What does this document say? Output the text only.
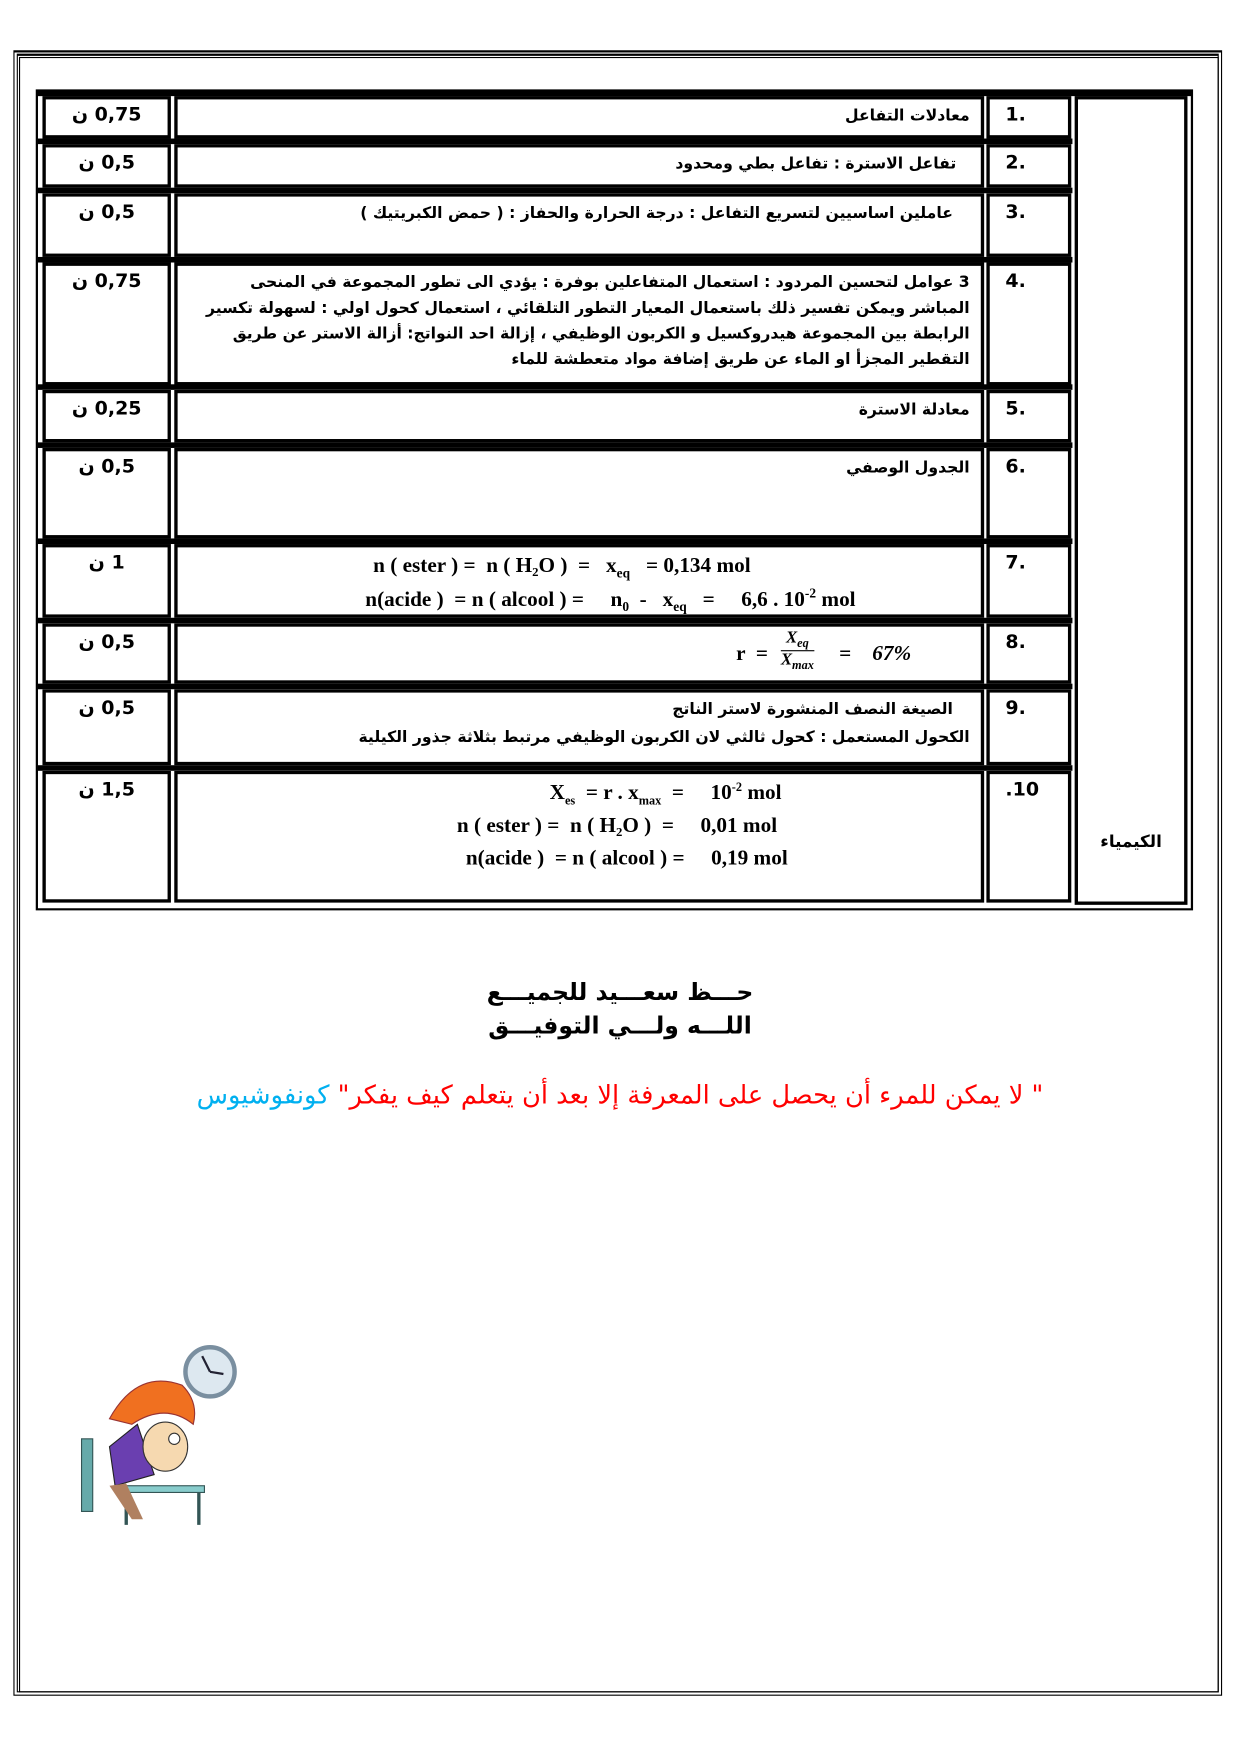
الكيمياء
0,75 ن	1.
معادلات التفاعل
0,5 ن	2.
تفاعل الاسترة : تفاعل بطي ومحدود
0,5 ن	3.
عاملين اساسيين لتسريع التفاعل : درجة الحرارة والحفاز : ( حمض الكبريتيك )
0,75 ن	4.
3 عوامل لتحسين المردود : استعمال المتفاعلين بوفرة : يؤدي الى تطور المجموعة في المنحى المباشر ويمكن تفسير ذلك باستعمال المعيار التطور التلقائي ، استعمال كحول اولي : لسهولة تكسير الرابطة بين المجموعة هيدروكسيل و الكربون الوظيفي ، إزالة احد النواتج: أزالة الاستر عن طريق التقطير المجزأ او الماء عن طريق إضافة مواد متعطشة للماء
0,25 ن	5.
معادلة الاسترة
0,5 ن	6.
الجدول الوصفي
1 ن	7.
n ( ester ) =  n ( H₂O )  =   $x_{eq} = 0,134$ mol
n(acide )  = n ( alcool ) =     $n_0 - x_{eq}$   =     6,6 . $10^{-2}$ mol
0,5 ن	8.
r  =
$X_{eq}$
$X_{max}$ =    67%
0,5 ن	9.
الصيغة النصف المنشورة لاستر الناتج
الكحول المستعمل : كحول ثالثي لان الكربون الوظيفي مرتبط بثلاثة جذور الكيلية
1,5 ن	.10
$X_{es} = r$ . $x_{max}$  =     $10^{-2}$ mol
n ( ester ) =  n ( H₂O )  =     0,01 mol
n(acide )  = n ( alcool ) =     0,19 mol
حـــظ سعـــيد للجميـــع
اللـــه ولـــي التوفيـــق
" لا يمكن للمرء أن يحصل على المعرفة إلا بعد أن يتعلم كيف يفكر" كونفوشيوس
